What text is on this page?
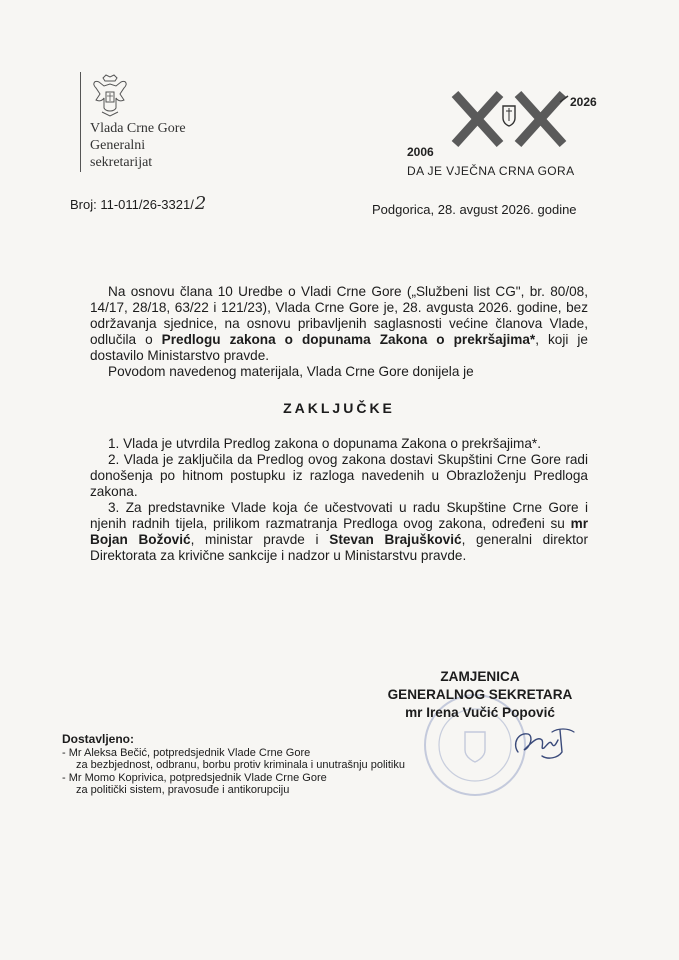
Vlada Crne Gore
Generalni
sekretarijat
2026
2006
DA JE VJEČNA CRNA GORA
Broj: 11-011/26-3321/2	Podgorica, 28. avgust 2026. godine

Na osnovu člana 10 Uredbe o Vladi Crne Gore („Službeni list CG", br. 80/08, 14/17, 28/18, 63/22 i 121/23), Vlada Crne Gore je, 28. avgusta 2026. godine, bez održavanja sjednice, na osnovu pribavljenih saglasnosti većine članova Vlade, odlučila o Predlogu zakona o dopunama Zakona o prekršajima*, koji je dostavilo Ministarstvo pravde.

Povodom navedenog materijala, Vlada Crne Gore donijela je

ZAKLJUČKE

1. Vlada je utvrdila Predlog zakona o dopunama Zakona o prekršajima*.

2. Vlada je zaključila da Predlog ovog zakona dostavi Skupštini Crne Gore radi donošenja po hitnom postupku iz razloga navedenih u Obrazloženju Predloga zakona.

3. Za predstavnike Vlade koja će učestvovati u radu Skupštine Crne Gore i njenih radnih tijela, prilikom razmatranja Predloga ovog zakona, određeni su mr Bojan Božović, ministar pravde i Stevan Brajušković, generalni direktor Direktorata za krivične sankcije i nadzor u Ministarstvu pravde.

ZAMJENICA
GENERALNOG SEKRETARA
mr Irena Vučić Popović
Dostavljeno:
- Mr Aleksa Bečić, potpredsjednik Vlade Crne Gore
za bezbjednost, odbranu, borbu protiv kriminala i unutrašnju politiku
- Mr Momo Koprivica, potpredsjednik Vlade Crne Gore
za politički sistem, pravosuđe i antikorupciju
